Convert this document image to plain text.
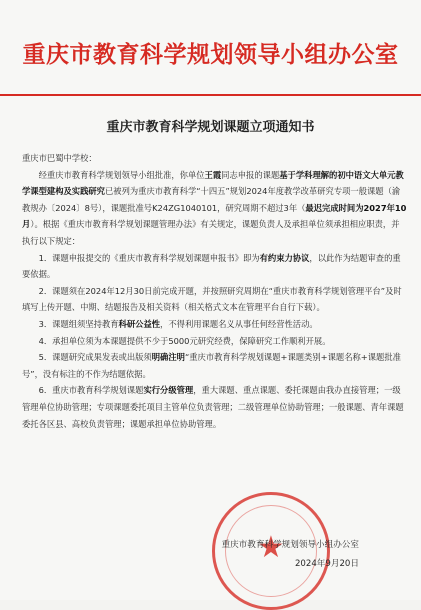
重庆市教育科学规划领导小组办公室
重庆市教育科学规划课题立项通知书

重庆市巴蜀中学校：

经重庆市教育科学规划领导小组批准，你单位王霞同志申报的课题基于学科理解的初中语文大单元教学课型建构及实践研究已被列为重庆市教育科学“十四五”规划2024年度教学改革研究专项一般课题（渝教规办〔2024〕8号），课题批准号K24ZG1040101，研究周期不超过3年（最迟完成时间为2027年10月）。根据《重庆市教育科学规划课题管理办法》有关规定，课题负责人及承担单位须承担相应职责，并执行以下规定：

1．课题申报提交的《重庆市教育科学规划课题申报书》即为有约束力协议，以此作为结题审查的重要依据。

2．课题须在2024年12月30日前完成开题，并按照研究周期在“重庆市教育科学规划管理平台”及时填写上传开题、中期、结题报告及相关资料（相关格式文本在管理平台自行下载）。

3．课题组须坚持教育科研公益性，不得利用课题名义从事任何经营性活动。

4．承担单位须为本课题提供不少于5000元研究经费，保障研究工作顺利开展。

5．课题研究成果发表或出版须明确注明“重庆市教育科学规划课题+课题类别+课题名称+课题批准号”，没有标注的不作为结题依据。

6．重庆市教育科学规划课题实行分级管理，重大课题、重点课题、委托课题由我办直接管理；一级管理单位协助管理；专项课题委托项目主管单位负责管理；二级管理单位协助管理；一般课题、青年课题委托各区县、高校负责管理；课题承担单位协助管理。

★
重庆市教育科学规划领导小组办公室
2024年9月20日
